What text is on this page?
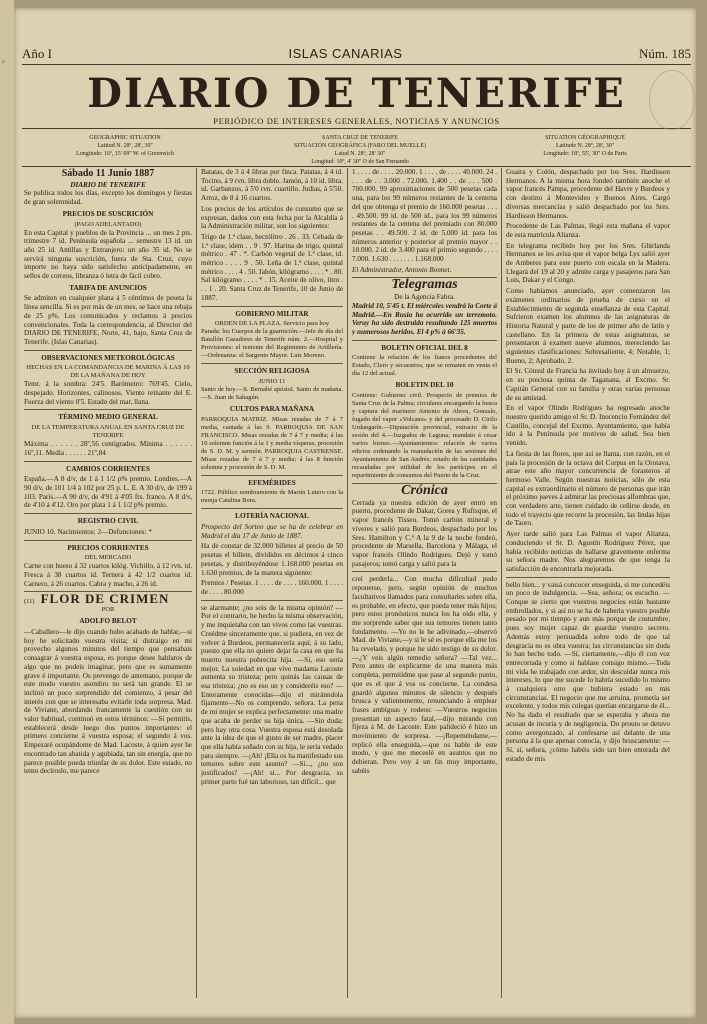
¤
Año I	ISLAS CANARIAS	Núm. 185
DIARIO DE TENERIFE
PERIÓDICO DE INTERESES GENERALES, NOTICIAS Y ANUNCIOS
GEOGRAPHIC SITUATION
Latitud N. 28º, 28', 30''
Longitude: 16º, 15' 09'' W. of Greenwich
SANTA CRUZ DE TENERIFE
SITUACIÓN GEOGRÁFICA (FARO DEL MUELLE)
Latud N. 28º, 28' 30''
Longitud: 10º, 4' 30'' O de San Fernando
SITUATION GÉOGRAPHIQUE
Latitude N. 28º, 28', 30''
Longitude: 18º, 55', 30'' O de Paris
Sábado 11 Junio 1887
DIARIO DE TENERIFE

Se publica todos los días, excepto los domingos y fiestas de gran solemnidad.

PRECIOS DE SUSCRICIÓN
(PAGO ADELANTADO)

En esta Capital y pueblos de la Provincia ... un mes 2 pts. trimestre 7 id. Península española ... semestre 13 id. un año 25 id. Antillas y Extranjero: un año 35 id. No se servirá ninguna suscrición, fuera de Sta. Cruz, cuyo importe no haya sido satisfecho anticipadamente, en sellos de correos, libranza ó letra de fácil cobro.

TARIFA DE ANUNCIOS

Se admiten en cualquier plana á 5 céntimos de peseta la línea sencilla. Si es por más de un mes, se hace una rebaja de 25 p%. Los comunicados y reclamos á precios convencionales. Toda la correspondencia, al Director del DIARIO DE TENERIFE, Norte, 41, bajo, Santa Cruz de Tenerife. (Islas Canarias).

OBSERVACIONES METEOROLÓGICAS
HECHAS EN LA COMANDANCIA DE MARINA Á LAS 10 DE LA MAÑANA DE HOY

Temr. á la sombra: 24'5. Barómetro: 769'45. Cielo, despejado. Horizontes, calinosos. Viento reinante del E. Fuerza del viento 0'5. Estado del mar, llana.

TÉRMINO MEDIO GENERAL
DE LA TEMPERATURA ANUAL EN SANTA CRUZ DE TENERIFE

Máxima . . . . . . 28º,56 centígrados. Mínima . . . . . . 16º,11. Media . . . . . . 21º,84

CAMBIOS CORRIENTES

España.—A 8 d/v, de 1 á 1 1/2 p% premio. Londres.—A 90 d/v, de 101 1/4 á 102 por 25 p. L. E. A 30 d/v, de 199 á 103. París.—A 90 d/v, de 4'91 á 4'05 frs. franco. A 8 d/v, de 4'10 á 4'12. Oro por plata 1 á 1 1/2 p% premio.

REGISTRO CIVIL

JUNIO 10. Nacimientos: 2—Defunciones: *

PRECIOS CORRIENTES
DEL MERCADO

Carne con hueso á 32 cuartos kilóg. Vichillo, á 12 rvn. id. Fresca á 38 cuartos id. Ternera á 42 1/2 cuartos id. Carnero, á 26 cuartos. Cabra y macho, á 26 id.

(11) FLOR DE CRIMEN
POR
ADOLFO BELOT

—Caballero—le dijo cuando hubo acabado de hablar,—si hoy he solicitado vuestra visita; si distraigo en mi provecho algunos minutos del tiempo que pensabais consagrar á vuestra esposa, es porque desee hablaros de algo que no podeis imaginar, pero que es sumamente grave é importante. Os prevengo de antemano, porque de este modo vuestro asombro no será tan grande. El se inclinó un poco sorprendido del comienzo, á pesar del interés con que se interesaba evitarle toda sorpresa. Mad. de Viviane, abordando francamente la cuestión con su valor habitual, continuó en estos términos: —Si permitís, establecerá desde luego dos puntos importantes: el primero concierne á vuestra esposa; el segundo á vos. Empezaré ocupándome de Mad. Lacoste, á quien ayer he encontrado tan abatida y agobiada, tan sin energía, que no parece posible pueda triunfar de su dolor. Este estado, no temo decíroslo, me parece

Batatas, de 3 á 4 libras por finca. Patatas, á 4 id. Tocino, á 9 rvn. libra doble. Jamón, á 10 id. libra. id. Garbanzos, á 5'0 rvn. cuartillo. Judias, á 5'50. Arroz, de 8 á 16 cuartos.

Los precios de los artículos de consumo que se expresan, dados con esta fecha por la Alcaldía á la Administración militar, son los siguientes:

Trigo de 1.ª clase, hectólitro . 26 . 33. Cebada de 1.ª clase, idem . . 9 . 97. Harina de trigo, quintal métrico . 47 . *. Carbón vegetal de 1.ª clase, id. métrico . . . . 9 . 50. Leña de 1.ª clase, quintal métrico . . . . 4 . 50. Jabón, kilógramo . . . . * . 80. Sal kilógramo . . . . * . 15. Aceite de olivo, litro . . . 1 . 20. Santa Cruz de Tenerife, 10 de Junio de 1887.

GOBIERNO MILITAR
ORDEN DE LA PLAZA. Servicio para hoy

Parada: los Cuerpos de la guarnición.—Jefe de día del Batallón Cazadores de Tenerife núm. 2.—Hospital y Provisiones: el teniente del Regimiento de Artillería.—Ordenanza: el Sargento Mayor. Luis Moreno.

SECCIÓN RELIGIOSA
JUNIO 11

Santo de hoy.—S. Bernabé apóstol. Santo de mañana.—S. Juan de Sahagún.

CULTOS PARA MAÑANA

PARROQUIA MATRIZ. Misas rezadas de 7 á 7 media, cantada á las 9. PARROQUIA DE SAN FRANCISCO. Misas rezadas de 7 á 7 y media; á las 10 solemne función á la 1 y media vísperas, procesión de S. D. M. y sermón. PARROQUIA CASTRENSE. Misas rezadas de 7 á 7 y media; á las 8 función solemne y procesión de S. D. M.

EFEMÉRIDES

1722. Público nombramiento de Martín Lutero con la monja Catalina Bora.

LOTERÍA NACIONAL

Prospecto del Sorteo que se ha de celebrar en Madrid el día 17 de Junio de 1887.

Ha de constar de 32.000 billetes al precio de 50 pesetas el billete, divididos en décimos á cinco pesetas, y distribuyéndose 1.168.000 pesetas en 1.630 premios, de la manera siguiente:

Premios / Pesetas. 1 . . . . de . . . . 160.000. 1 . . . . de . . . . 80.000

se alarmante; ¿no sois de la misma opinión? —Por el contrario, he hecho la misma observación, y me inquietaba con tan vivos como las vuestras. Creédme sinceramente que, si pudiera, en vez de volver á Burdeos, permanecería aquí, á su lado, puesto que ella no quiere dejar la casa en que ha muerto nuestra pobrecita hija. —Si, eso sería mejor. La soledad en que vive madama Lacoste aumenta su tristeza; pero quinás las causas de esa tristeza; ¿no es eso un y consideréis eso? —Enteramente conocidas—dijo el miránndola fijamente—No os comprendo, señora. La pena de mi mujer se explica perfectamente: una madre que acaba de perder su hija única. —Sin duda; pero hay otra cosa. Vuestra esposa está desolada ante la idea de que el gusto de ser madre, placer que ella había soñado con su hija, le sería vedado para siempre. —¡Ah! ¡Ella os ha manifestado sus temores sobre este asunto? —Sí..., ¿no son justificados? —¡Ah! sí... Por desgracia, su primer parto fué tan laborioso, tan difícil... que

1 . . . . de . . . . 20.000. 1 . . . . de . . . . 40.000. 24 . . . . de . . 3.000 . 72.000. 1.400 . . de . . . 500 . 700.000. 99 aproximaciones de 500 pesetas cada una, para los 99 números restantes de la centena del que obtenga el premio de 160.000 pesetas . . . . 49.500. 99 id. de 500 id., para los 99 números restantes de la centena del premiado con 80.000 pesetas . . 49.500. 2 id. de 5.000 id. para los números anterior y posterior al premio mayor . . 10.000. 2 id. de 3.400 para el primio segundo . . . . 7.000. 1.630 . . . . . . . 1.168.000

El Administrador, Antonio Bonnet.

Telegramas
De la Agencia Fabra.

Madrid 10, 5'45 t. El miércoles vendrá la Corte á Madrid.—En Rusia ha ocurrido un terremoto. Veruy ha sido destruida resultando 125 muertos y numerosos heridos. El 4 p% á 66'35.

BOLETIN OFICIAL DEL 8

Contiene la relación de los fianos procedentes del Estado, Clero y secuestros, que se rematen en venta el día 12 del actual.

BOLETIN DEL 10

Contiene: Gobierno civil. Prospecto de premios de Santa Cruz de la Palma; circulares encargando la busca y captura del marinero Antonio de Abreu, Gonzalo, fugado del vapor «Volcano» y del procesado D. Cirilo Urdangarín.—Diputación provincial, extracto de la sesión del 4.—Juzgados de Laguna; mandato á cesar varios bienes.—Ayuntamientos: relación de varios edictos ordenando la reanudación de las sesiones del Ayuntamiento de San Andrés; estado de las cantidades recaudadas por utilidad de los partícipes en el repartimiento de consumos del Puerto de la Cruz.

Crónica

Cerrada ya nuestra edición de ayer entró en puerto, procedente de Dakar, Gorea y Rufisque, el vapor francés Tisseu. Tomó carbón mineral y víveres y salió para Burdeos, despachado por los Sres. Hamilton y C.ª A la 9 de la noche fondeó, procedente de Marsella, Barcelona y Málaga, el vapor francés Olindo Rodrigues. Dejó y tomó pasajeros; tomó carga y salió para la

creí perderla... Con mucha dificultad pudo reponerse, pero, según opinión de muchos facultativos llamados para consultarles sobre ella, es probable, en efecto, que pueda tener más hijos; pero estos pronósticos nunca los ha oído ella, y me sorprende saber que sus temores tienen tanto fundamento. —Yo no le he adivinado,—observó Mad. de Viviane,—y si le sé es porque ella me los ha revelado, y porque he sido testigo de su dolor. —¿Y veis algún remedio señora? —Tal vez... Pero antes de explicarme de una manera más completa, permitidme que pase al segundo punto, que es el que á vos os concierne. La condesa guardó algunos minutos de silencio y después brusca y valientemente, renunciando á emplear frases ambiguas y rodeos: —Vuestros negocios presentan un aspecto fatal,—dijo mirando con fijeza á M. de Lacoste. Este palideció é hizo un movimiento de sorpresa. —¡Repeméndame,—replicó ella enseguida,—que os hable de este modo, y que me meceelé en asuntos que no debieran. Pero voy á un fin muy importante, sabéis

Guaira y Colón, despachado por los Sres. Hardisson Hermanos. A la misma hora fondeó también anoche el vapor francés Pampa, procedente del Havre y Burdeos y con destino á Montevideo y Buenos Aires. Cargó diversas mercancías y salió despachado por los Sres. Hardisson Hermanos.

Procedente de Las Palmas, llegó esta mañana el vapor de esta matrícula Alianza.

En telegrama recibido hoy por los Sres. Ghirlanda Hermanos se les avisa que el vapor belga Lys salió ayer de Amberes para este puerto con escala en la Madera. Llegará del 19 al 20 y admite carga y pasajeros para San Luis, Dakar y el Congo.

Como habíamos anunciado, ayer comenzaron los exámenes ordinarios de prueba de curso en el Establecimiento de segunda enseñanza de esta Capital. Sufrieron examen los alumnos de las asignaturas de Historia Natural y parte de los de primer año de latín y castellano. En la primera de estas asignaturas, se presentaron á examen nueve alumnos, mereciendo las siguientes clasificaciones: Sobresaliente, 4; Notable, 1; Bueno, 2; Aprobado, 2.

El Sr. Cónsul de Francia ha invitado hoy á un almuerzo, en su preciosa quinta de Taganana, al Excmo. Sr. Capitán General con su familia y otras varias personas de su amistad.

En el vapor Olindo Rodrigues ha regresado anoche nuestro querido amigo el Sr. D. Inocencio Fernández del Castillo, concejal del Excmo. Ayuntamiento, que había ido á la Península por motivos de salud. Sea bien venido.

La fiesta de las flores, que así se llama, con razón, en el país la procesión de la octava del Corpus en la Orotava, atrae este año mayor concurrencia de forasteros al hermoso Valle. Según nuestras noticias, sólo de esta capital es extraordinario el número de personas que irán el próximo jueves á admirar las preciosas alfombras que, con verdadero arte, tienen cuidado de ceñirse desde, en todo el trayecto que recorre la procesión, las lindas hijas de Taoro.

Ayer tarde salió para Las Palmas el vapor Alianza, conduciendo el Sr. D. Agustín Rodríguez Pérez, que había recibido noticias de hallarse gravemente enferma su señora madre. Nos alegraremos de que tenga la satisfacción de encontrarla mejorada.

bello bien... y vaisá concocer enseguida, si me concedéis un poco de indulgencia. —Sea, señora; os escucho. —Conque se cierto que vuestros negocios están bastante embrollados, y si así no se ha de haberla vuestro posible pesado por mi tiempo y aun más porque de costumbre, pues soy mujer capaz de guardar vuestro secreto. Además estoy persuadida sobre todo de que tal desgracia no es obra vuestra; las circunstancias sin duda lo han hecho todo. —Sí, ciertamente,—dijo él con voz entrecortada y como si hablase consigo mismo.—Toda mi vida he trabajado con ardor, sin descuidar nunca mis intereses, lo que me sucede lo habría sucedido lo mismo á cualquiera otro que hubiera estado en mis circunstancias. El negocio que me arruina, prometía ser excelente, y todos mis colegas querían encargarse de él... No ha dado el resultado que se esperaba y ahora me acusan de incuria y de negligencia. Do prouto se detuvo como avergonzado, al confesarse así delante de una persona á la que apenas conocía, y dijo bruscamente: —Sí, sí, señora, ¿cómo habéis sido tan bien enterada del estado de mis
